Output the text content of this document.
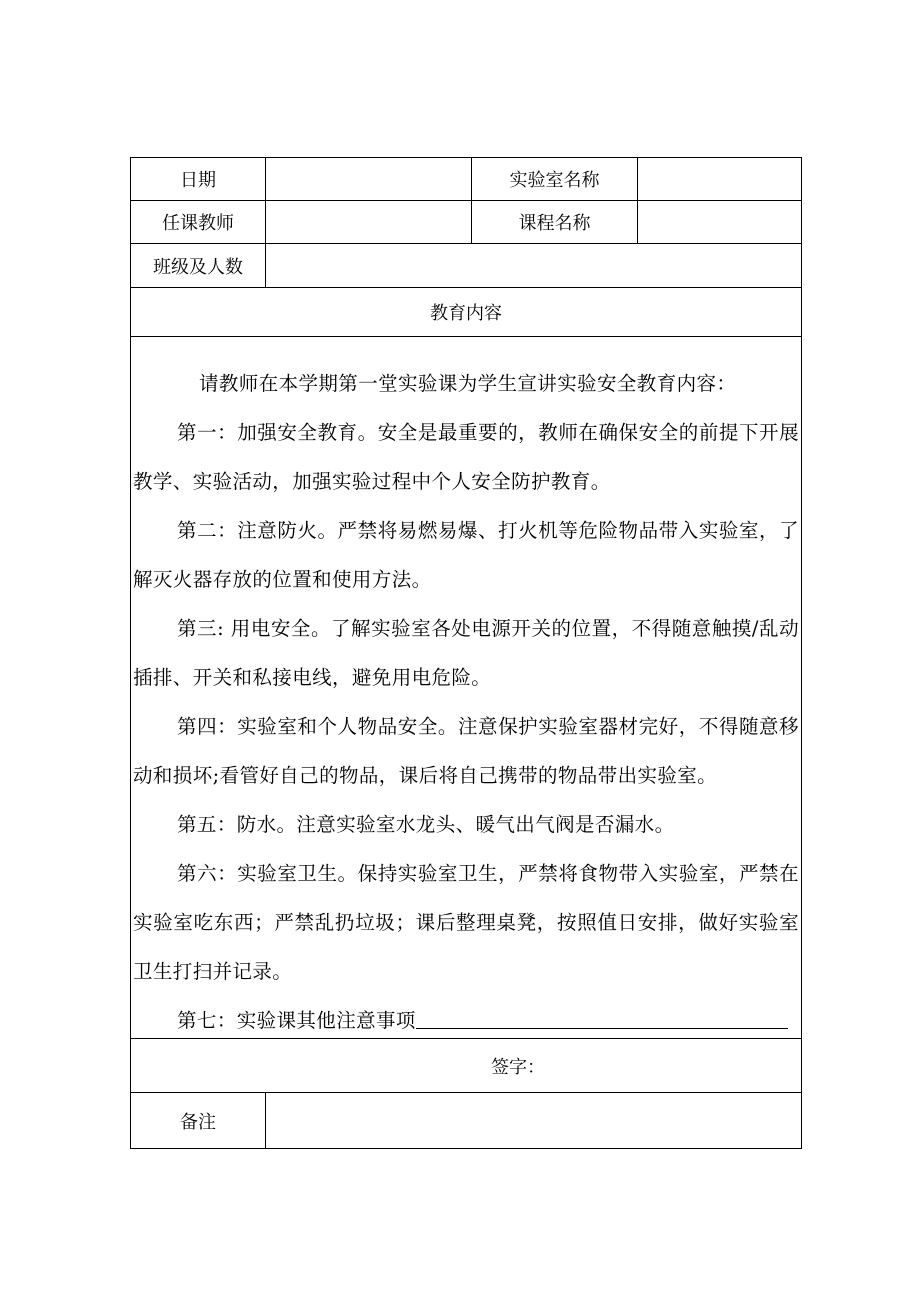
日期	实验室名称
任课教师	课程名称
班级及人数
教育内容

请教师在本学期第一堂实验课为学生宣讲实验安全教育内容：

第一：加强安全教育。安全是最重要的，教师在确保安全的前提下开展教学、实验活动，加强实验过程中个人安全防护教育。

第二：注意防火。严禁将易燃易爆、打火机等危险物品带入实验室，了解灭火器存放的位置和使用方法。

第三: 用电安全。了解实验室各处电源开关的位置，不得随意触摸/乱动插排、开关和私接电线，避免用电危险。

第四：实验室和个人物品安全。注意保护实验室器材完好，不得随意移动和损坏;看管好自己的物品，课后将自己携带的物品带出实验室。

第五：防水。注意实验室水龙头、暖气出气阀是否漏水。

第六：实验室卫生。保持实验室卫生，严禁将食物带入实验室，严禁在实验室吃东西；严禁乱扔垃圾；课后整理桌凳，按照值日安排，做好实验室卫生打扫并记录。

第七：实验课其他注意事项

签字：
备注
